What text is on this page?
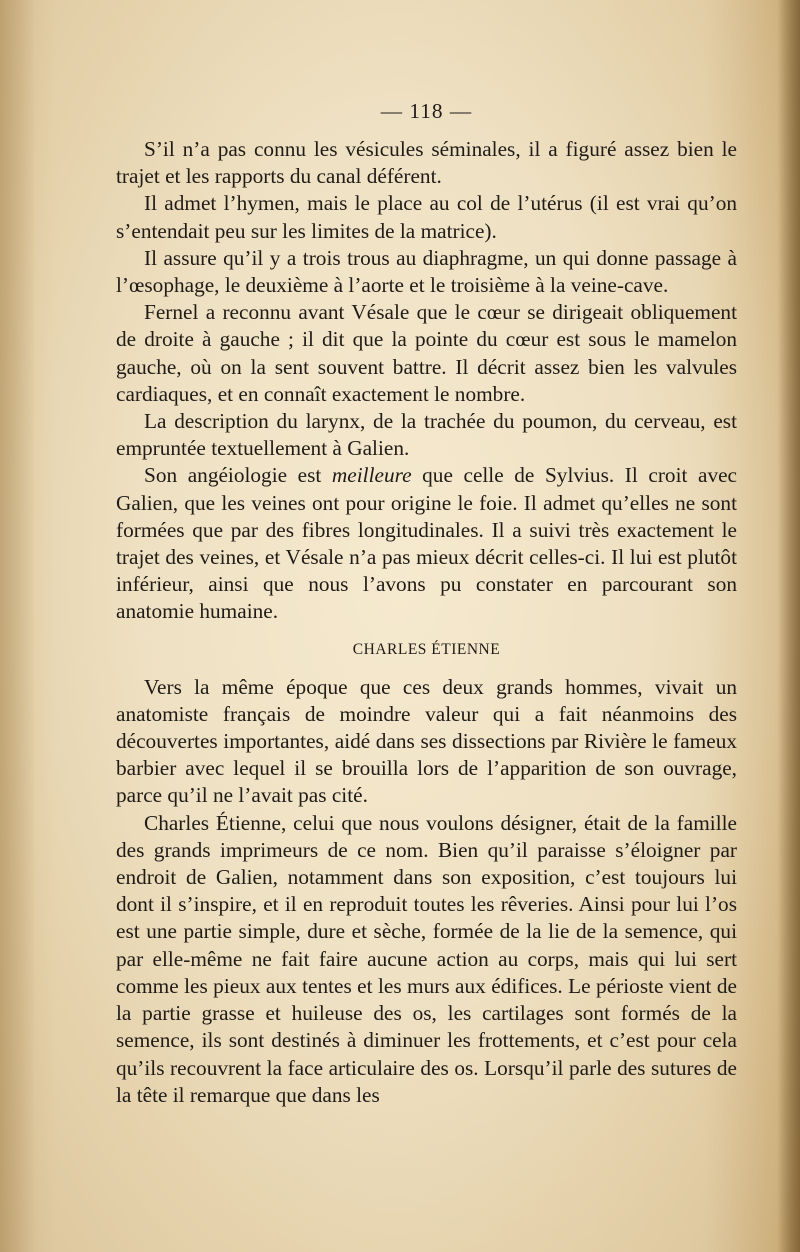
— 118 —

S’il n’a pas connu les vésicules séminales, il a figuré assez bien le trajet et les rapports du canal déférent.

Il admet l’hymen, mais le place au col de l’utérus (il est vrai qu’on s’entendait peu sur les limites de la matrice).

Il assure qu’il y a trois trous au diaphragme, un qui donne passage à l’œsophage, le deuxième à l’aorte et le troisième à la veine-cave.

Fernel a reconnu avant Vésale que le cœur se dirigeait obliquement de droite à gauche ; il dit que la pointe du cœur est sous le mamelon gauche, où on la sent souvent battre. Il décrit assez bien les valvules cardiaques, et en connaît exactement le nombre.

La description du larynx, de la trachée du poumon, du cerveau, est empruntée textuellement à Galien.

Son angéiologie est meilleure que celle de Sylvius. Il croit avec Galien, que les veines ont pour origine le foie. Il admet qu’elles ne sont formées que par des fibres longitudinales. Il a suivi très exactement le trajet des veines, et Vésale n’a pas mieux décrit celles-ci. Il lui est plutôt inférieur, ainsi que nous l’avons pu constater en parcourant son anatomie humaine.

CHARLES ÉTIENNE

Vers la même époque que ces deux grands hommes, vivait un anatomiste français de moindre valeur qui a fait néanmoins des découvertes importantes, aidé dans ses dissections par Rivière le fameux barbier avec lequel il se brouilla lors de l’apparition de son ouvrage, parce qu’il ne l’avait pas cité.

Charles Étienne, celui que nous voulons désigner, était de la famille des grands imprimeurs de ce nom. Bien qu’il paraisse s’éloigner par endroit de Galien, notamment dans son exposition, c’est toujours lui dont il s’inspire, et il en reproduit toutes les rêveries. Ainsi pour lui l’os est une partie simple, dure et sèche, formée de la lie de la semence, qui par elle-même ne fait faire aucune action au corps, mais qui lui sert comme les pieux aux tentes et les murs aux édifices. Le périoste vient de la partie grasse et huileuse des os, les cartilages sont formés de la semence, ils sont destinés à diminuer les frottements, et c’est pour cela qu’ils recouvrent la face articulaire des os. Lorsqu’il parle des sutures de la tête il remarque que dans les
